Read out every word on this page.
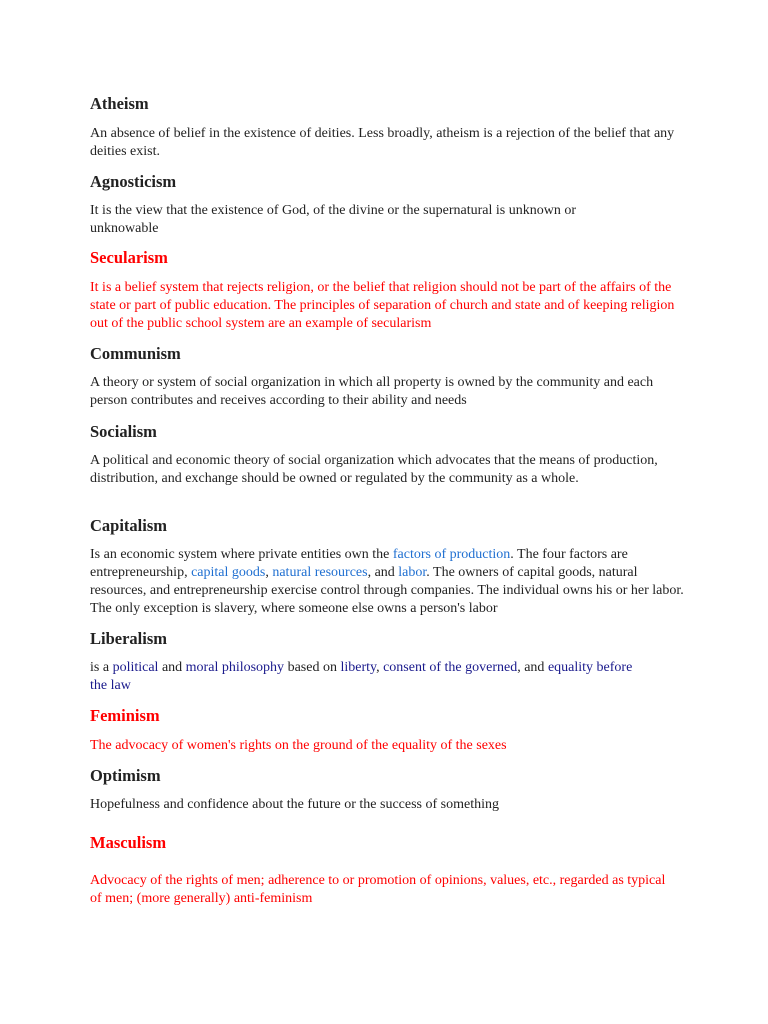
Atheism
An absence of belief in the existence of deities. Less broadly, atheism is a rejection of the belief that any deities exist.
Agnosticism
It is the view that the existence of God, of the divine or the supernatural is unknown or unknowable
Secularism
It is a belief system that rejects religion, or the belief that religion should not be part of the affairs of the state or part of public education. The principles of separation of church and state and of keeping religion out of the public school system are an example of secularism
Communism
A theory or system of social organization in which all property is owned by the community and each person contributes and receives according to their ability and needs
Socialism
A political and economic theory of social organization which advocates that the means of production, distribution, and exchange should be owned or regulated by the community as a whole.
Capitalism
Is an economic system where private entities own the factors of production. The four factors are entrepreneurship, capital goods, natural resources, and labor. The owners of capital goods, natural resources, and entrepreneurship exercise control through companies. The individual owns his or her labor. The only exception is slavery, where someone else owns a person's labor
Liberalism
is a political and moral philosophy based on liberty, consent of the governed, and equality before the law
Feminism
The advocacy of women's rights on the ground of the equality of the sexes
Optimism
Hopefulness and confidence about the future or the success of something
Masculism
Advocacy of the rights of men; adherence to or promotion of opinions, values, etc., regarded as typical of men; (more generally) anti-feminism
